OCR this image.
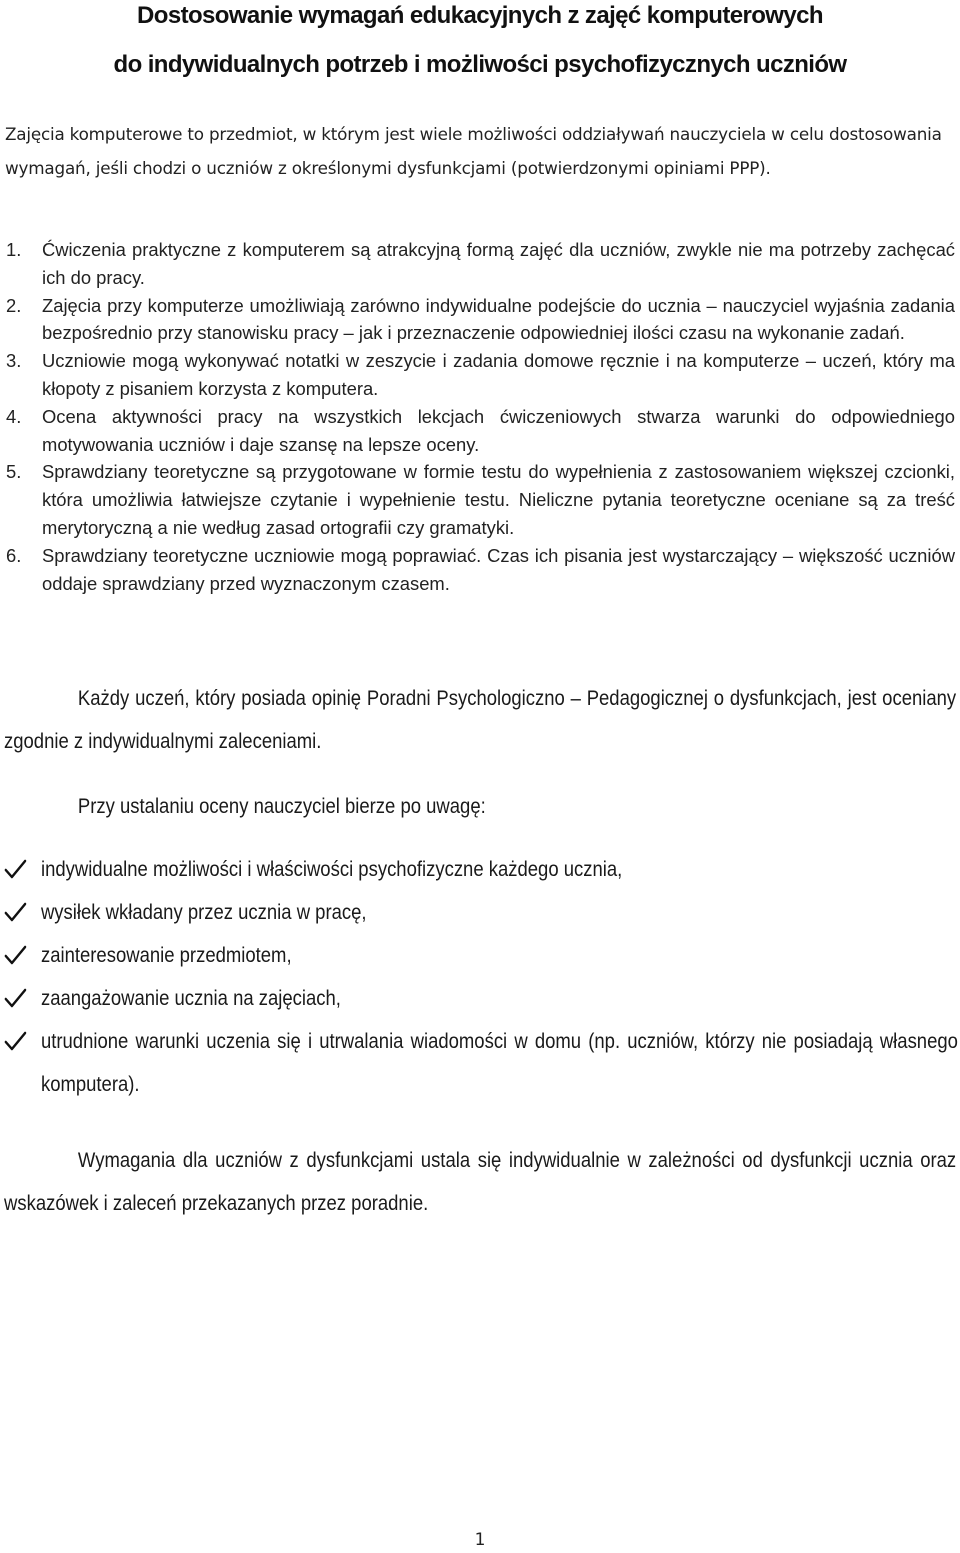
Dostosowanie wymagań edukacyjnych z zajęć komputerowych
do indywidualnych potrzeb i możliwości psychofizycznych uczniów
Zajęcia komputerowe to przedmiot, w którym jest wiele możliwości oddziaływań nauczyciela w celu dostosowania wymagań, jeśli chodzi o uczniów z określonymi dysfunkcjami (potwierdzonymi opiniami PPP).
1. Ćwiczenia praktyczne z komputerem są atrakcyjną formą zajęć dla uczniów, zwykle nie ma potrzeby zachęcać ich do pracy.
2. Zajęcia przy komputerze umożliwiają zarówno indywidualne podejście do ucznia – nauczyciel wyjaśnia zadania bezpośrednio przy stanowisku pracy – jak i przeznaczenie odpowiedniej ilości czasu na wykonanie zadań.
3. Uczniowie mogą wykonywać notatki w zeszycie i zadania domowe ręcznie i na komputerze – uczeń, który ma kłopoty z pisaniem korzysta z komputera.
4. Ocena aktywności pracy na wszystkich lekcjach ćwiczeniowych stwarza warunki do odpowiedniego motywowania uczniów i daje szansę na lepsze oceny.
5. Sprawdziany teoretyczne są przygotowane w formie testu do wypełnienia z zastosowaniem większej czcionki, która umożliwia łatwiejsze czytanie i wypełnienie testu. Nieliczne pytania teoretyczne oceniane są za treść merytoryczną a nie według zasad ortografii czy gramatyki.
6. Sprawdziany teoretyczne uczniowie mogą poprawiać. Czas ich pisania jest wystarczający – większość uczniów oddaje sprawdziany przed wyznaczonym czasem.
Każdy uczeń, który posiada opinię Poradni Psychologiczno – Pedagogicznej o dysfunkcjach, jest oceniany zgodnie z indywidualnymi zaleceniami.
Przy ustalaniu oceny nauczyciel bierze po uwagę:
indywidualne możliwości i właściwości psychofizyczne każdego ucznia,
wysiłek wkładany przez ucznia w pracę,
zainteresowanie przedmiotem,
zaangażowanie ucznia na zajęciach,
utrudnione warunki uczenia się i utrwalania wiadomości w domu (np. uczniów, którzy nie posiadają własnego komputera).
Wymagania dla uczniów z dysfunkcjami ustala się indywidualnie w zależności od dysfunkcji ucznia oraz wskazówek i zaleceń przekazanych przez poradnie.
1
